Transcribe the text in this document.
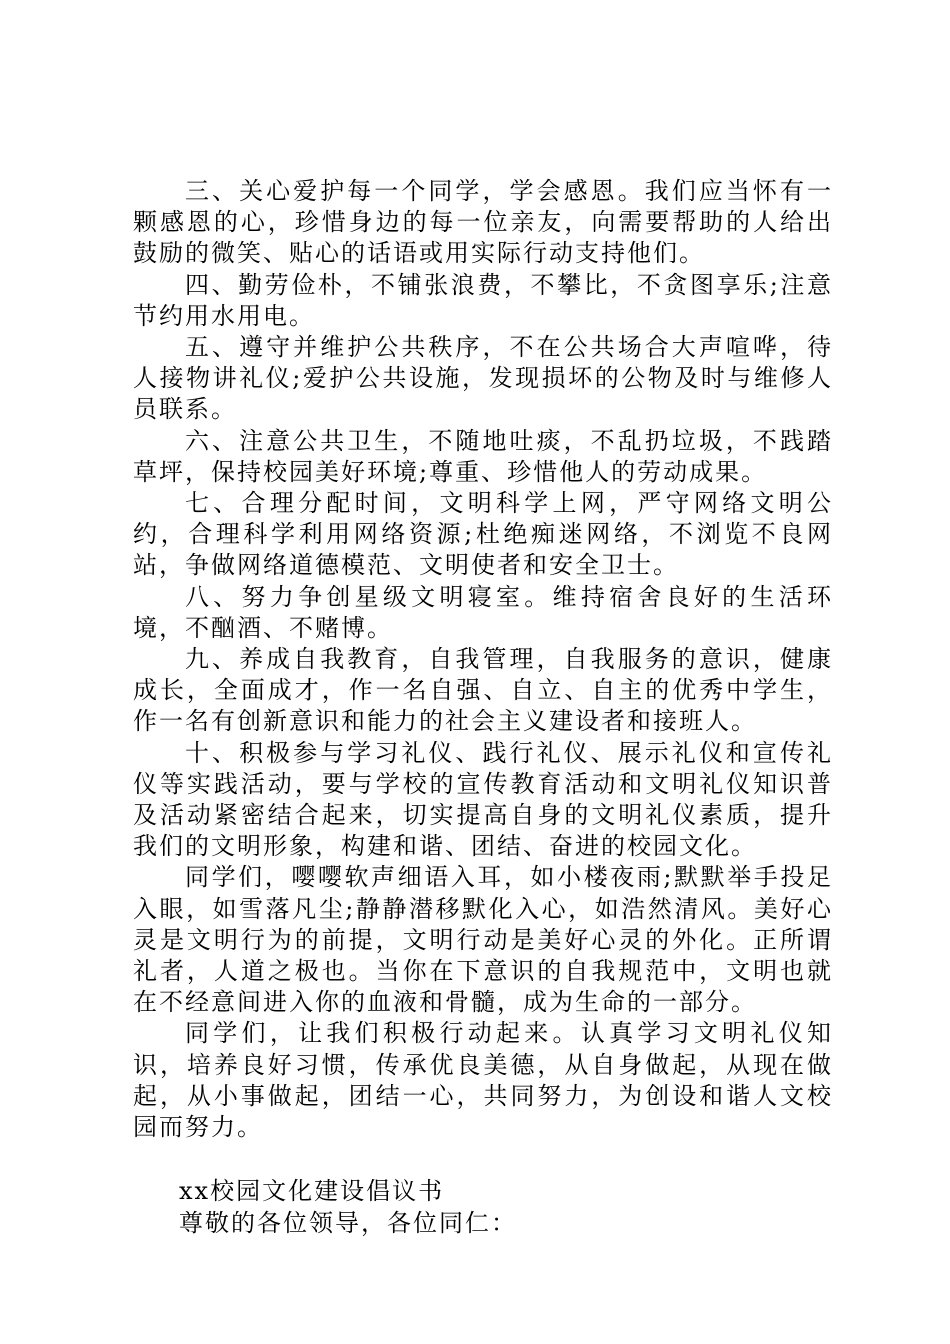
三、关心爱护每一个同学，学会感恩。我们应当怀有一颗感恩的心，珍惜身边的每一位亲友，向需要帮助的人给出鼓励的微笑、贴心的话语或用实际行动支持他们。

四、勤劳俭朴，不铺张浪费，不攀比，不贪图享乐;注意节约用水用电。

五、遵守并维护公共秩序，不在公共场合大声喧哗，待人接物讲礼仪;爱护公共设施，发现损坏的公物及时与维修人员联系。

六、注意公共卫生，不随地吐痰，不乱扔垃圾，不践踏草坪，保持校园美好环境;尊重、珍惜他人的劳动成果。

七、合理分配时间，文明科学上网，严守网络文明公约，合理科学利用网络资源;杜绝痴迷网络，不浏览不良网站，争做网络道德模范、文明使者和安全卫士。

八、努力争创星级文明寝室。维持宿舍良好的生活环境，不酗酒、不赌博。

九、养成自我教育，自我管理，自我服务的意识，健康成长，全面成才，作一名自强、自立、自主的优秀中学生，作一名有创新意识和能力的社会主义建设者和接班人。

十、积极参与学习礼仪、践行礼仪、展示礼仪和宣传礼仪等实践活动，要与学校的宣传教育活动和文明礼仪知识普及活动紧密结合起来，切实提高自身的文明礼仪素质，提升我们的文明形象，构建和谐、团结、奋进的校园文化。

同学们，嘤嘤软声细语入耳，如小楼夜雨;默默举手投足入眼，如雪落凡尘;静静潜移默化入心，如浩然清风。美好心灵是文明行为的前提，文明行动是美好心灵的外化。正所谓礼者，人道之极也。当你在下意识的自我规范中，文明也就在不经意间进入你的血液和骨髓，成为生命的一部分。

同学们，让我们积极行动起来。认真学习文明礼仪知识，培养良好习惯，传承优良美德，从自身做起，从现在做起，从小事做起，团结一心，共同努力，为创设和谐人文校园而努力。

xx校园文化建设倡议书

尊敬的各位领导，各位同仁：
